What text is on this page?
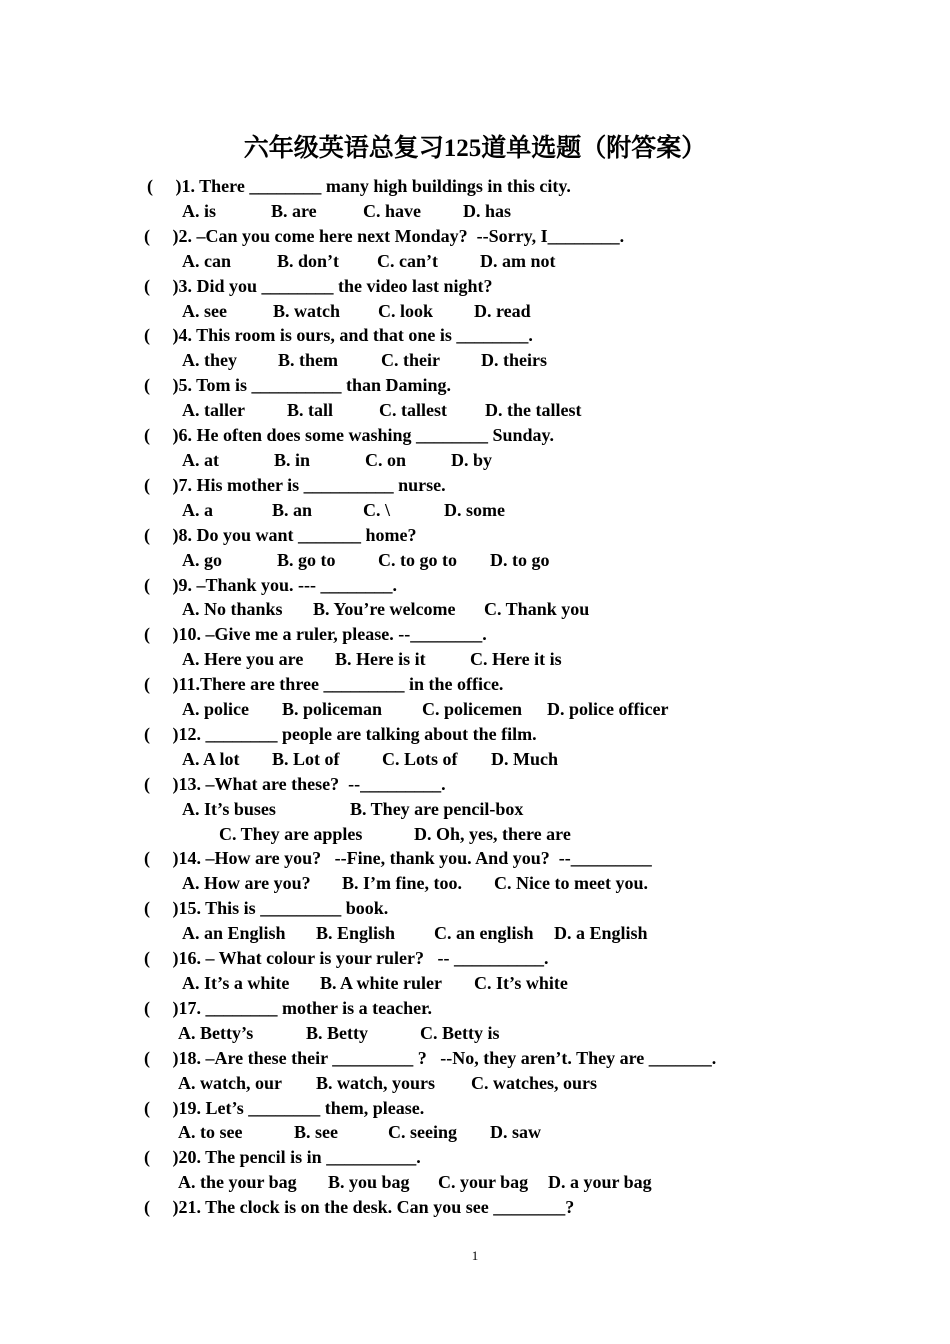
六年级英语总复习125道单选题（附答案）
(     )1. There ________ many high buildings in this city.

A. is

	B. are

	C. have

D. has

(     )2. –Can you come here next Monday?  --Sorry, I________.

A. can

	B. don’t

C. can’t

D. am not

(     )3. Did you ________ the video last night?

A. see

	B. watch

C. look

D. read

(     )4. This room is ours, and that one is ________.

A. they

B. them

C. their

D. theirs

(     )5. Tom is __________ than Daming.

A. taller

B. tall

	C. tallest

D. the tallest

(     )6. He often does some washing ________ Sunday.

A. at

	B. in

	C. on

D. by

(     )7. His mother is __________ nurse.

A. a

	B. an

	C. \

	D. some

(     )8. Do you want _______ home?

A. go

	B. go to

C. to go to

D. to go

(     )9. –Thank you. --- ________.

A. No thanks

B. You’re welcome

C. Thank you

(     )10. –Give me a ruler, please. --________.

A. Here you are

B. Here is it

C. Here it is

(     )11.There are three _________ in the office.

A. police

B. policeman

C. policemen

D. police officer

(     )12. ________ people are talking about the film.

A. A lot

B. Lot of

C. Lots of

D. Much

(     )13. –What are these?  --_________.

A. It’s buses

	B. They are pencil-box

C. They are apples

	D. Oh, yes, there are

(     )14. –How are you?   --Fine, thank you. And you?  --_________

A. How are you?

B. I’m fine, too.

C. Nice to meet you.

(     )15. This is _________ book.

A. an English

B. English

C. an english

D. a English

(     )16. – What colour is your ruler?   -- __________.

A. It’s a white

B. A white ruler

C. It’s white

(     )17. ________ mother is a teacher.

A. Betty’s

	B. Betty

	C. Betty is

(     )18. –Are these their _________ ?   --No, they aren’t. They are _______.

A. watch, our

B. watch, yours

C. watches, ours

(     )19. Let’s ________ them, please.

A. to see

	B. see

	C. seeing

D. saw

(     )20. The pencil is in __________.

A. the your bag

B. you bag

C. your bag

D. a your bag

(     )21. The clock is on the desk. Can you see ________?
1
